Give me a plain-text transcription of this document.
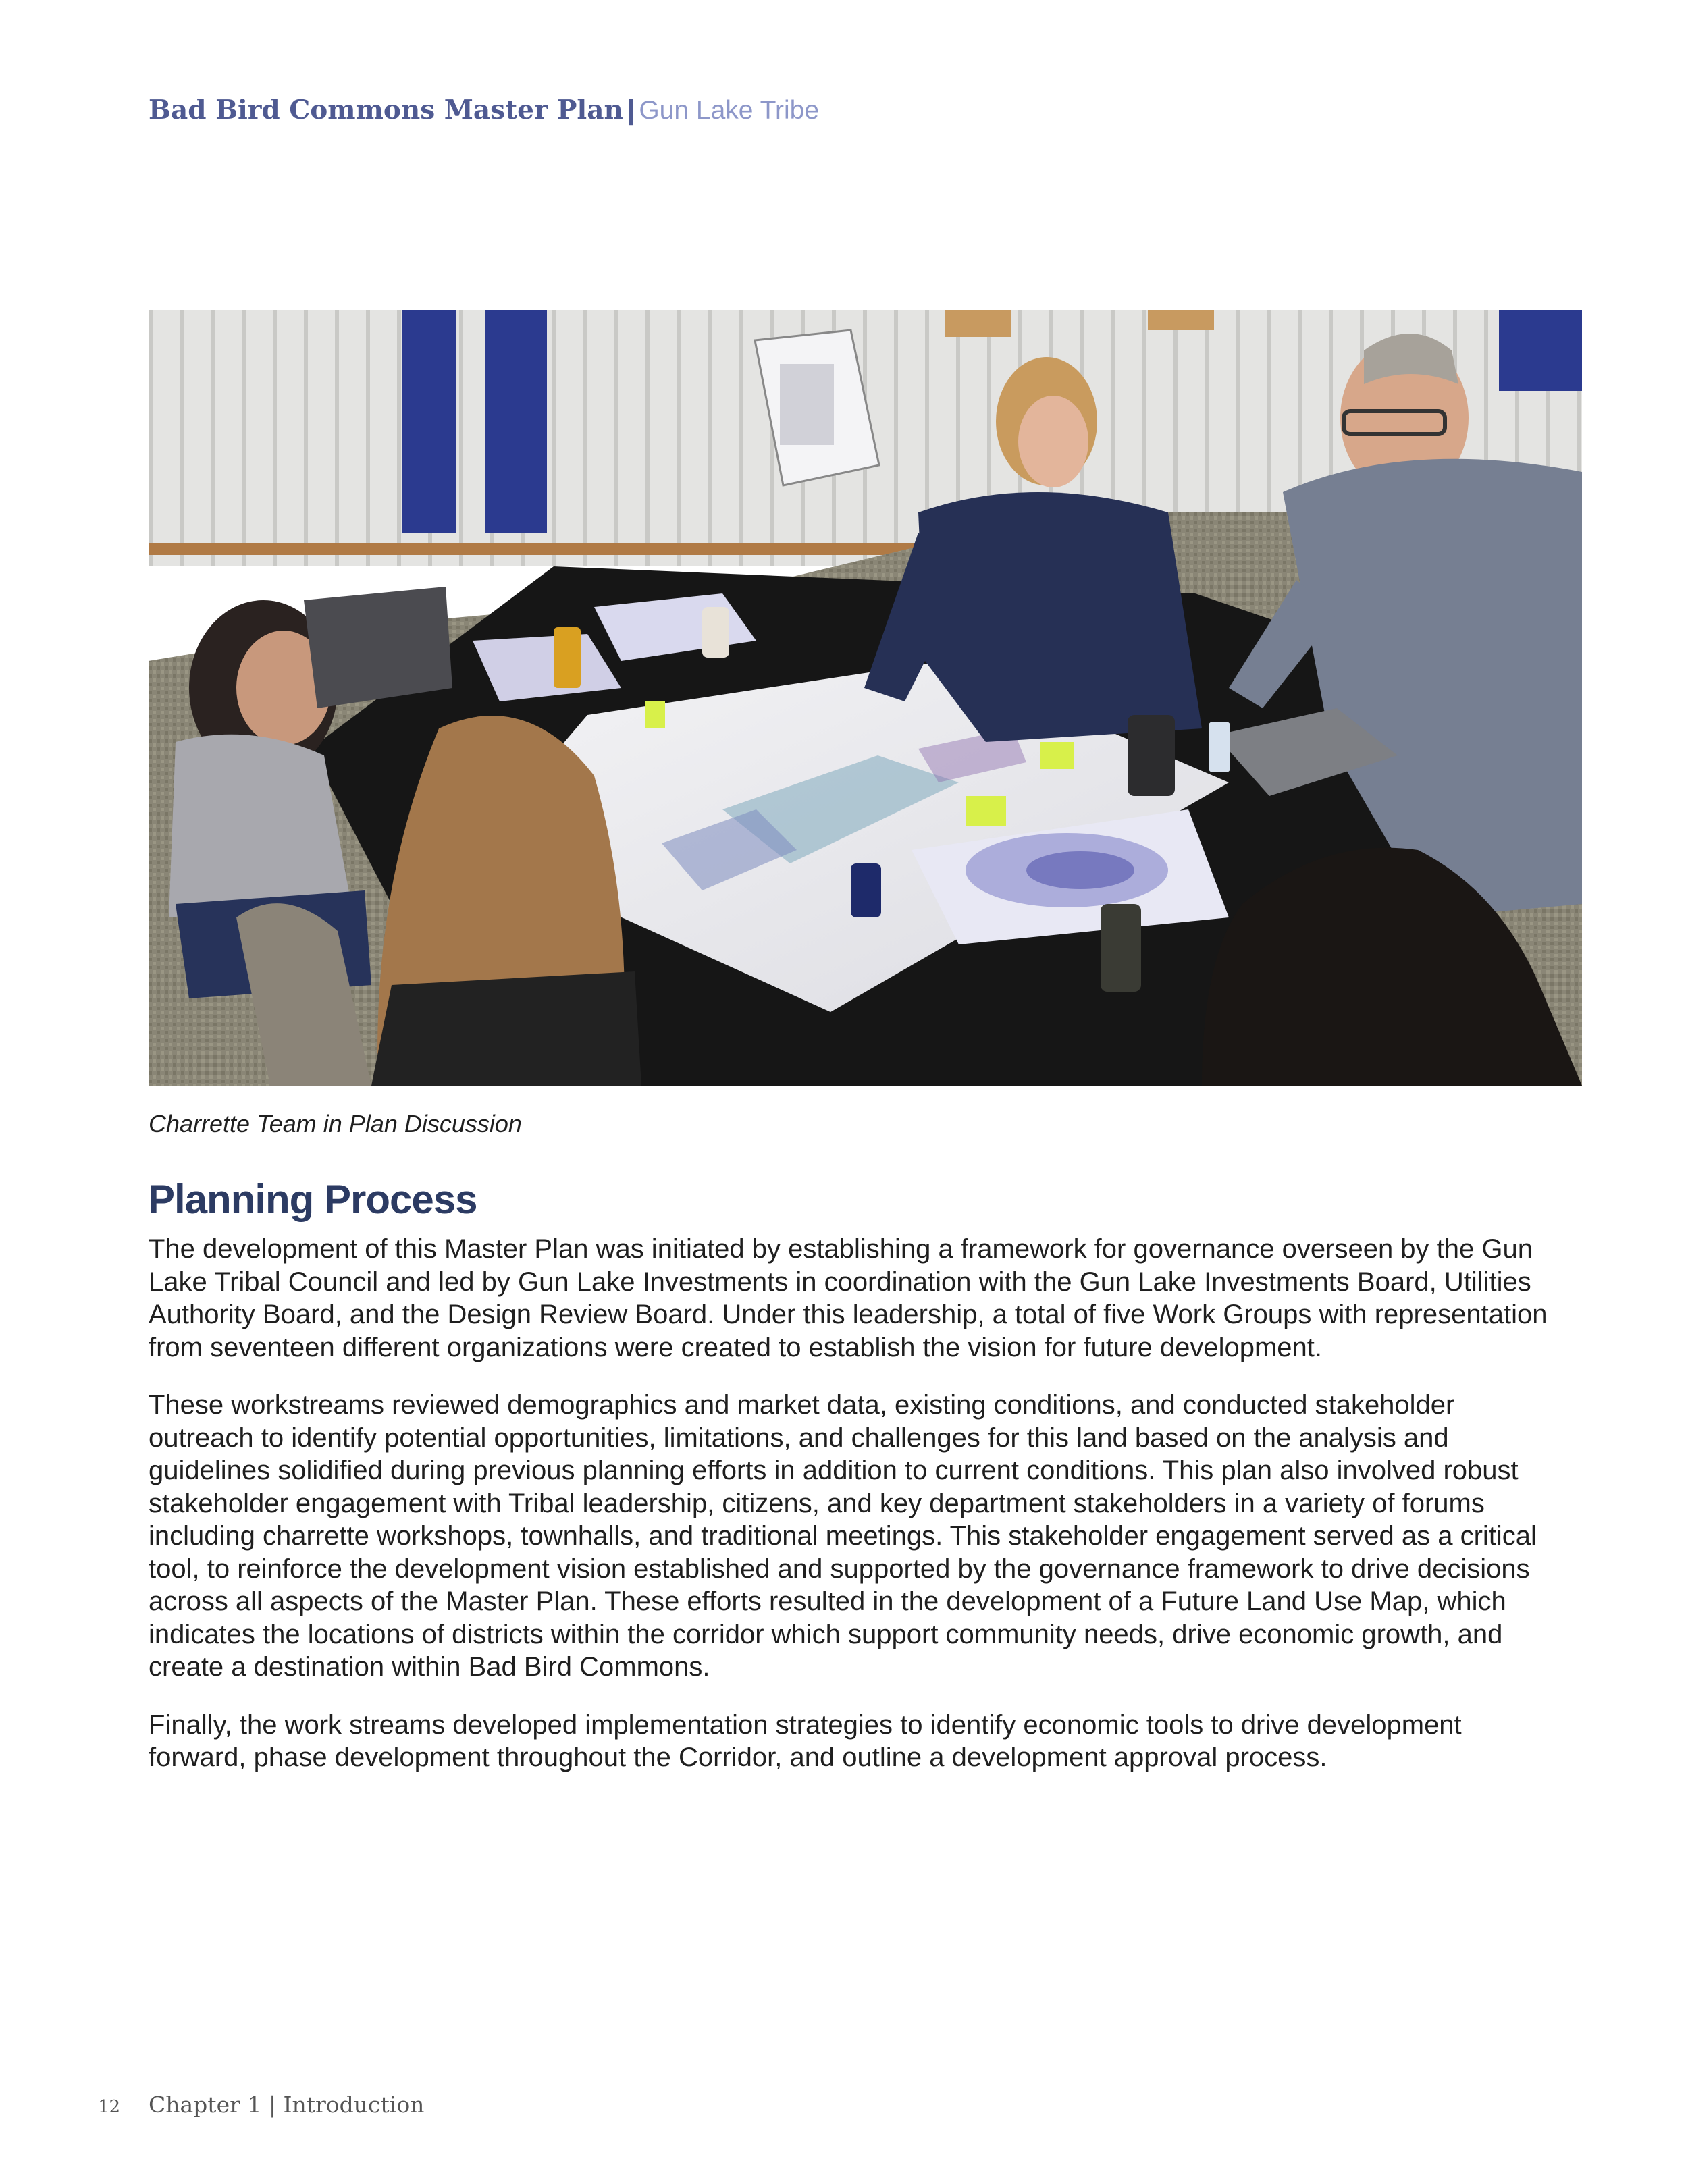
Bad Bird Commons Master Plan | Gun Lake Tribe
Charrette Team in Plan Discussion
Planning Process

The development of this Master Plan was initiated by establishing a framework for governance overseen by the Gun Lake Tribal Council and led by Gun Lake Investments in coordination with the Gun Lake Investments Board, Utilities Authority Board, and the Design Review Board. Under this leadership, a total of five Work Groups with representation from seventeen different organizations were created to establish the vision for future development.

These workstreams reviewed demographics and market data, existing conditions, and conducted stakeholder outreach to identify potential opportunities, limitations, and challenges for this land based on the analysis and guidelines solidified during previous planning efforts in addition to current conditions. This plan also involved robust stakeholder engagement with Tribal leadership, citizens, and key department stakeholders in a variety of forums including charrette workshops, townhalls, and traditional meetings. This stakeholder engagement served as a critical tool, to reinforce the development vision established and supported by the governance framework to drive decisions across all aspects of the Master Plan. These efforts resulted in the development of a Future Land Use Map, which indicates the locations of districts within the corridor which support community needs, drive economic growth, and create a destination within Bad Bird Commons.

Finally, the work streams developed implementation strategies to identify economic tools to drive development forward, phase development throughout the Corridor, and outline a development approval process.

12 Chapter 1 | Introduction
